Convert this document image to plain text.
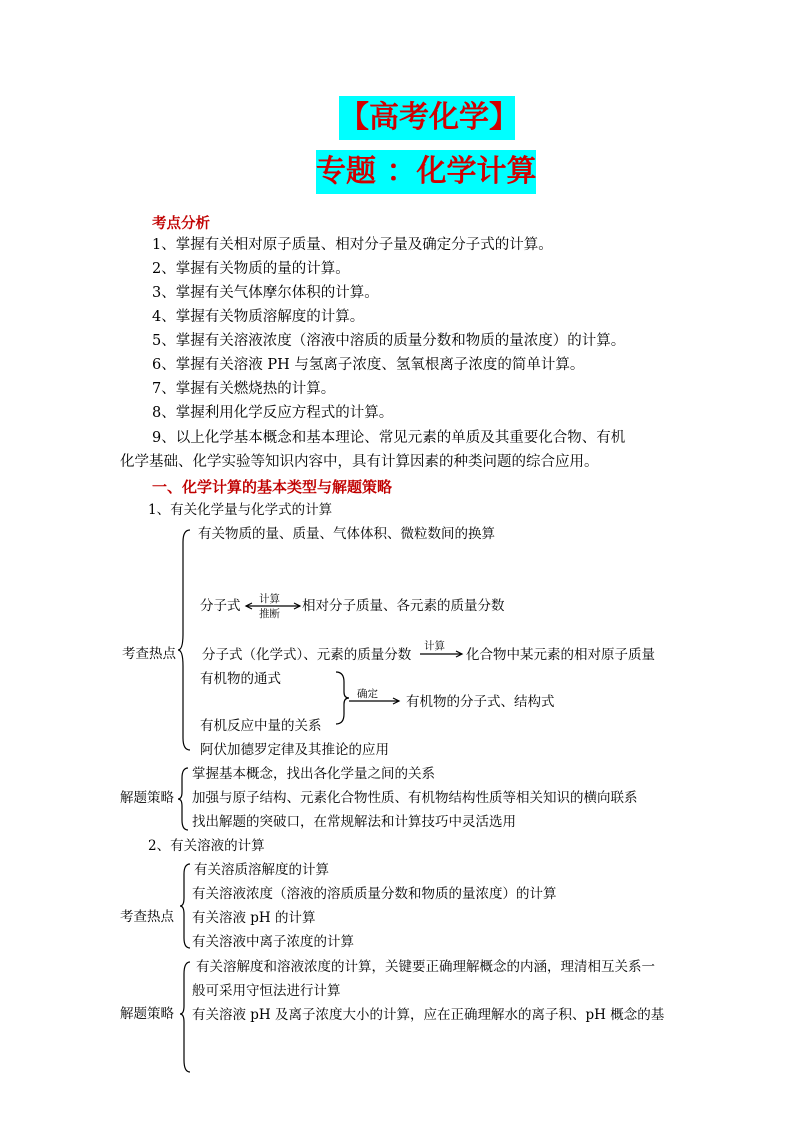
【高考化学】
专题 ：化学计算
考点分析
1、掌握有关相对原子质量、相对分子量及确定分子式的计算。
2、掌握有关物质的量的计算。
3、掌握有关气体摩尔体积的计算。
4、掌握有关物质溶解度的计算。
5、掌握有关溶液浓度（溶液中溶质的质量分数和物质的量浓度）的计算。
6、掌握有关溶液 PH 与氢离子浓度、氢氧根离子浓度的简单计算。
7、掌握有关燃烧热的计算。
8、掌握利用化学反应方程式的计算。
9、以上化学基本概念和基本理论、常见元素的单质及其重要化合物、有机
化学基础、化学实验等知识内容中，具有计算因素的种类问题的综合应用。
一、化学计算的基本类型与解题策略
1、有关化学量与化学式的计算
考查热点
有关物质的量、质量、气体体积、微粒数间的换算
分子式 计算
推断 相对分子质量、各元素的质量分数
分子式（化学式）、元素的质量分数
计算
化合物中某元素的相对原子质量
有机物的通式
确定 有机物的分子式、结构式
有机反应中量的关系
阿伏加德罗定律及其推论的应用
解题策略
掌握基本概念，找出各化学量之间的关系
加强与原子结构、元素化合物性质、有机物结构性质等相关知识的横向联系
找出解题的突破口，在常规解法和计算技巧中灵活选用
2、有关溶液的计算
考查热点
有关溶质溶解度的计算
有关溶液浓度（溶液的溶质质量分数和物质的量浓度）的计算
有关溶液 pH 的计算
有关溶液中离子浓度的计算
解题策略
有关溶解度和溶液浓度的计算，关键要正确理解概念的内涵，理清相互关系一
般可采用守恒法进行计算
有关溶液 pH 及离子浓度大小的计算，应在正确理解水的离子积、pH 概念的基
